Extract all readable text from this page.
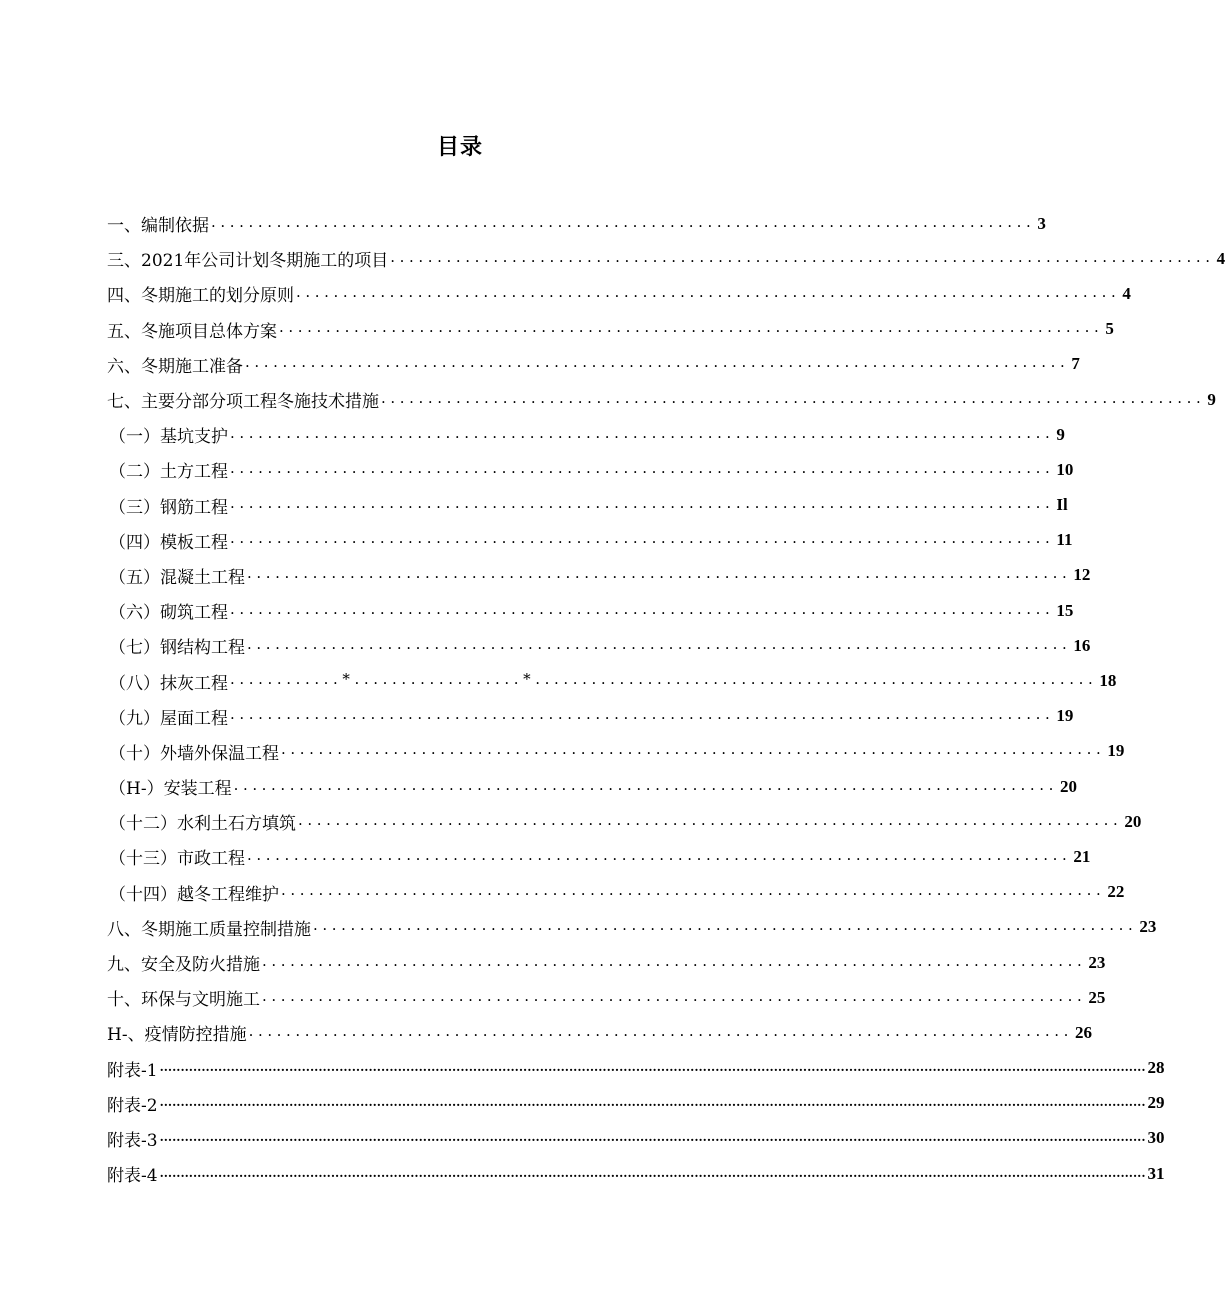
目录
一、编制依据 ........................................................................................ 3
三、2021年公司计划冬期施工的项目 ........................................................................................ 4
四、冬期施工的划分原则 ........................................................................................ 4
五、冬施项目总体方案 ........................................................................................ 5
六、冬期施工准备 ........................................................................................ 7
七、主要分部分项工程冬施技术措施 ........................................................................................ 9
（一）基坑支护 ........................................................................................ 9
（二）土方工程 ........................................................................................ 10
（三）钢筋工程 ........................................................................................ Il
（四）模板工程 ........................................................................................ 11
（五）混凝土工程 ........................................................................................ 12
（六）砌筑工程 ........................................................................................ 15
（七）钢结构工程 ........................................................................................ 16
（八）抹灰工程 ............*..................*............................................................ 18
（九）屋面工程 ........................................................................................ 19
（十）外墙外保温工程 ........................................................................................ 19
（H-）安装工程 ........................................................................................ 20
（十二）水利土石方填筑 ........................................................................................ 20
（十三）市政工程 ........................................................................................ 21
（十四）越冬工程维护 ........................................................................................ 22
八、冬期施工质量控制措施 ........................................................................................ 23
九、安全及防火措施 ........................................................................................ 23
十、环保与文明施工 ........................................................................................ 25
H-、疫情防控措施 ........................................................................................ 26
附表-1 ............................................................................................................................................................................................................................................ 28
附表-2 ............................................................................................................................................................................................................................................ 29
附表-3 ............................................................................................................................................................................................................................................ 30
附表-4 ............................................................................................................................................................................................................................................ 31
